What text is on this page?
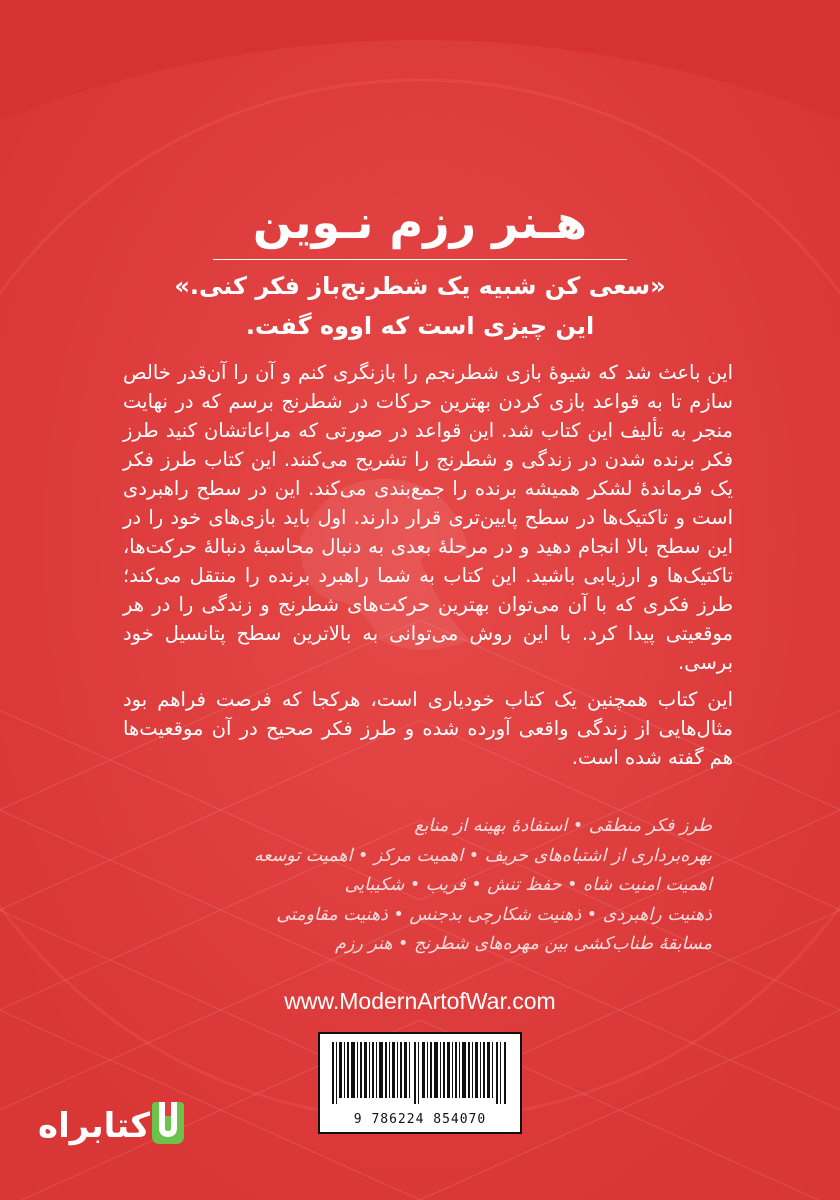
هـنر رزم نـوین
«سعی کن شبیه یک شطرنج‌باز فکر کنی.»
این چیزی است که اووه گفت.

این باعث شد که شیوهٔ بازی شطرنجم را بازنگری کنم و آن را آن‌قدر خالص سازم تا به قواعد بازی کردن بهترین حرکات در شطرنج برسم که در نهایت منجر به تألیف این کتاب شد. این قواعد در صورتی که مراعاتشان کنید طرز فکر برنده شدن در زندگی و شطرنج را تشریح می‌کنند. این کتاب طرز فکر یک فرماندهٔ لشکر همیشه برنده را جمع‌بندی می‌کند. این در سطح راهبردی است و تاکتیک‌ها در سطح پایین‌تری قرار دارند. اول باید بازی‌های خود را در این سطح بالا انجام دهید و در مرحلهٔ بعدی به دنبال محاسبهٔ دنبالهٔ حرکت‌ها، تاکتیک‌ها و ارزیابی باشید. این کتاب به شما راهبرد برنده را منتقل می‌کند؛ طرز فکری که با آن می‌توان بهترین حرکت‌های شطرنج و زندگی را در هر موقعیتی پیدا کرد. با این روش می‌توانی به بالاترین سطح پتانسیل خود برسی.

این کتاب همچنین یک کتاب خودیاری است، هرکجا که فرصت فراهم بود مثال‌هایی از زندگی واقعی آورده شده و طرز فکر صحیح در آن موقعیت‌ها هم گفته شده است.

طرز فکر منطقی • استفادهٔ بهینه از منابع
بهره‌برداری از اشتباه‌های حریف • اهمیت مرکز • اهمیت توسعه
اهمیت امنیت شاه • حفظ تنش • فریب • شکیبایی
ذهنیت راهبردی • ذهنیت شکارچی بدجنس • ذهنیت مقاومتی
مسابقهٔ طناب‌کشی بین مهره‌های شطرنج • هنر رزم
www.ModernArtofWar.com
9 786224 854070
کتابراه
